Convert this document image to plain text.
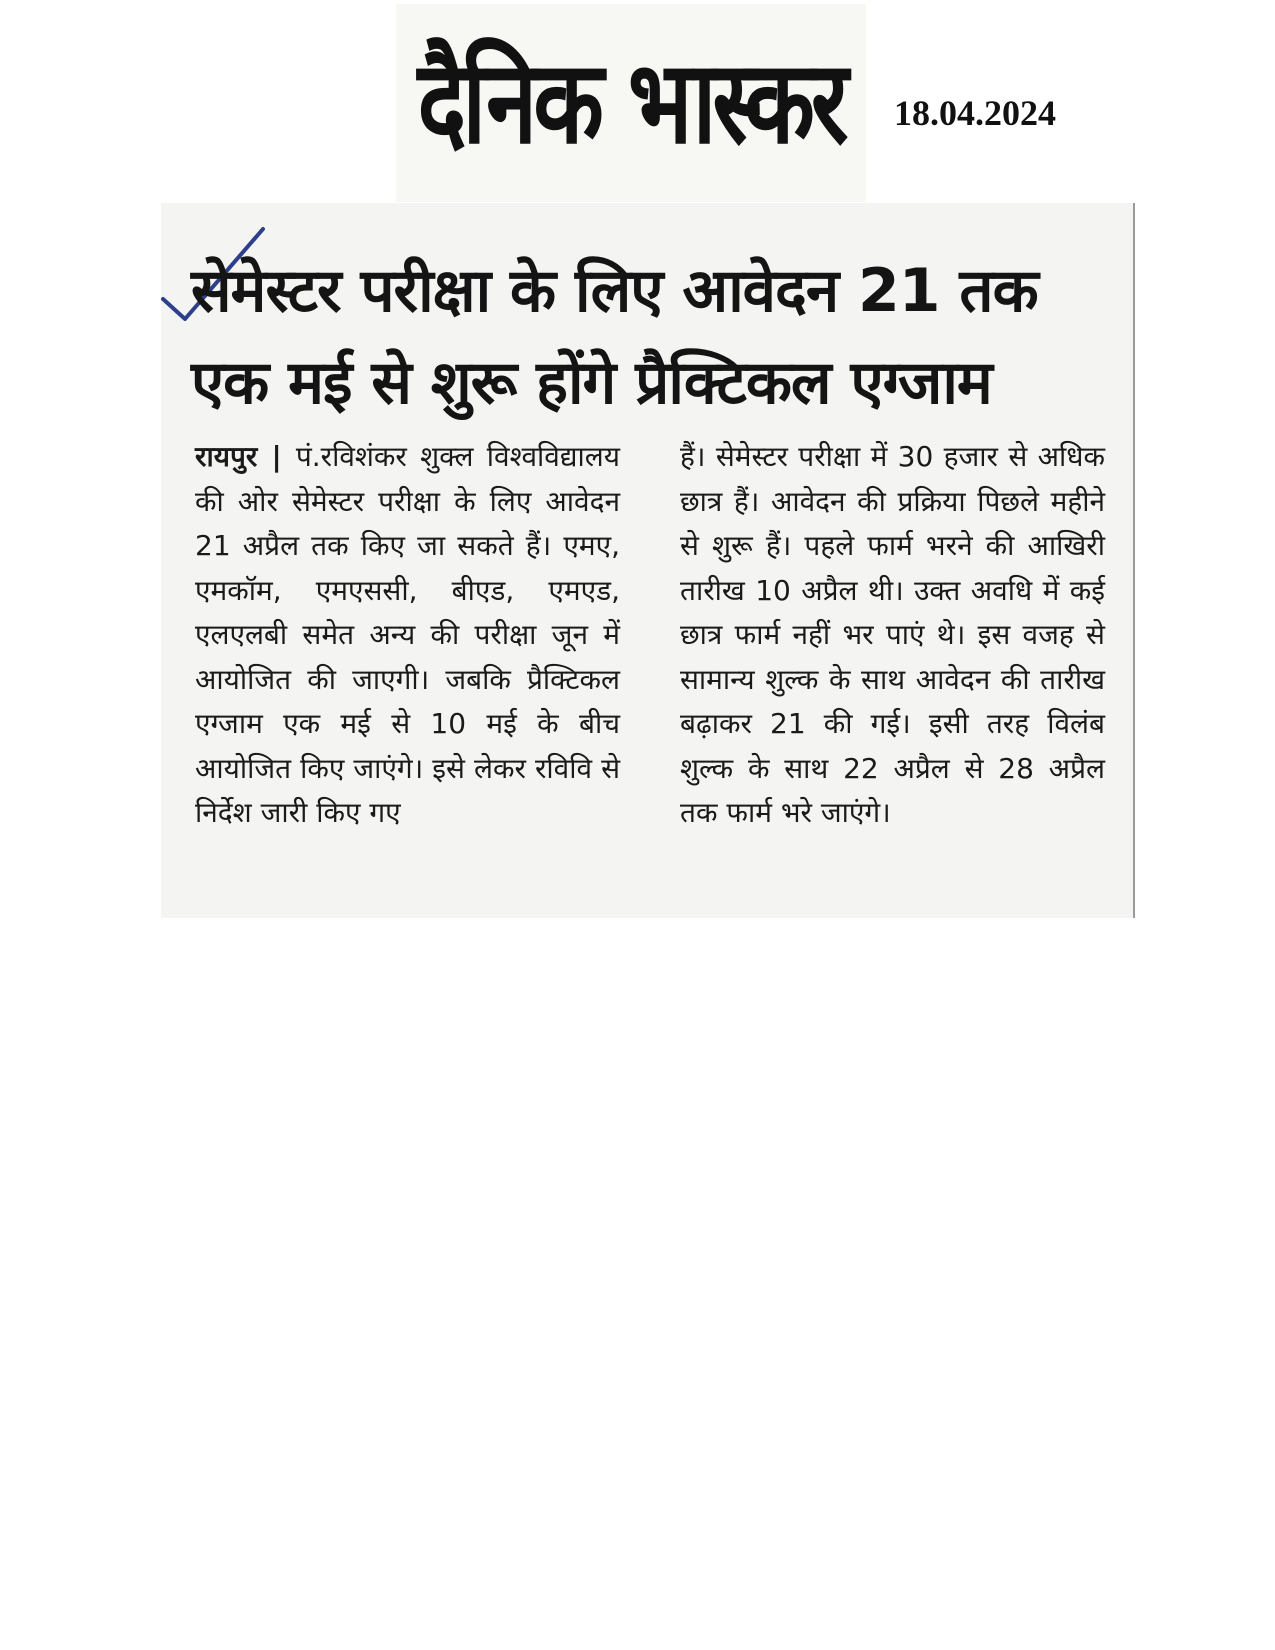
दैनिक भास्कर 18.04.2024
सेमेस्टर परीक्षा के लिए आवेदन 21 तक
एक मई से शुरू होंगे प्रैक्टिकल एग्जाम
रायपुर | पं.रविशंकर शुक्ल विश्वविद्यालय की ओर सेमेस्टर परीक्षा के लिए आवेदन 21 अप्रैल तक किए जा सकते हैं। एमए, एमकॉम, एमएससी, बीएड, एमएड, एलएलबी समेत अन्य की परीक्षा जून में आयोजित की जाएगी। जबकि प्रैक्टिकल एग्जाम एक मई से 10 मई के बीच आयोजित किए जाएंगे। इसे लेकर रविवि से निर्देश जारी किए गए
हैं। सेमेस्टर परीक्षा में 30 हजार से अधिक छात्र हैं। आवेदन की प्रक्रिया पिछले महीने से शुरू हैं। पहले फार्म भरने की आखिरी तारीख 10 अप्रैल थी। उक्त अवधि में कई छात्र फार्म नहीं भर पाएं थे। इस वजह से सामान्य शुल्क के साथ आवेदन की तारीख बढ़ाकर 21 की गई। इसी तरह विलंब शुल्क के साथ 22 अप्रैल से 28 अप्रैल तक फार्म भरे जाएंगे।
